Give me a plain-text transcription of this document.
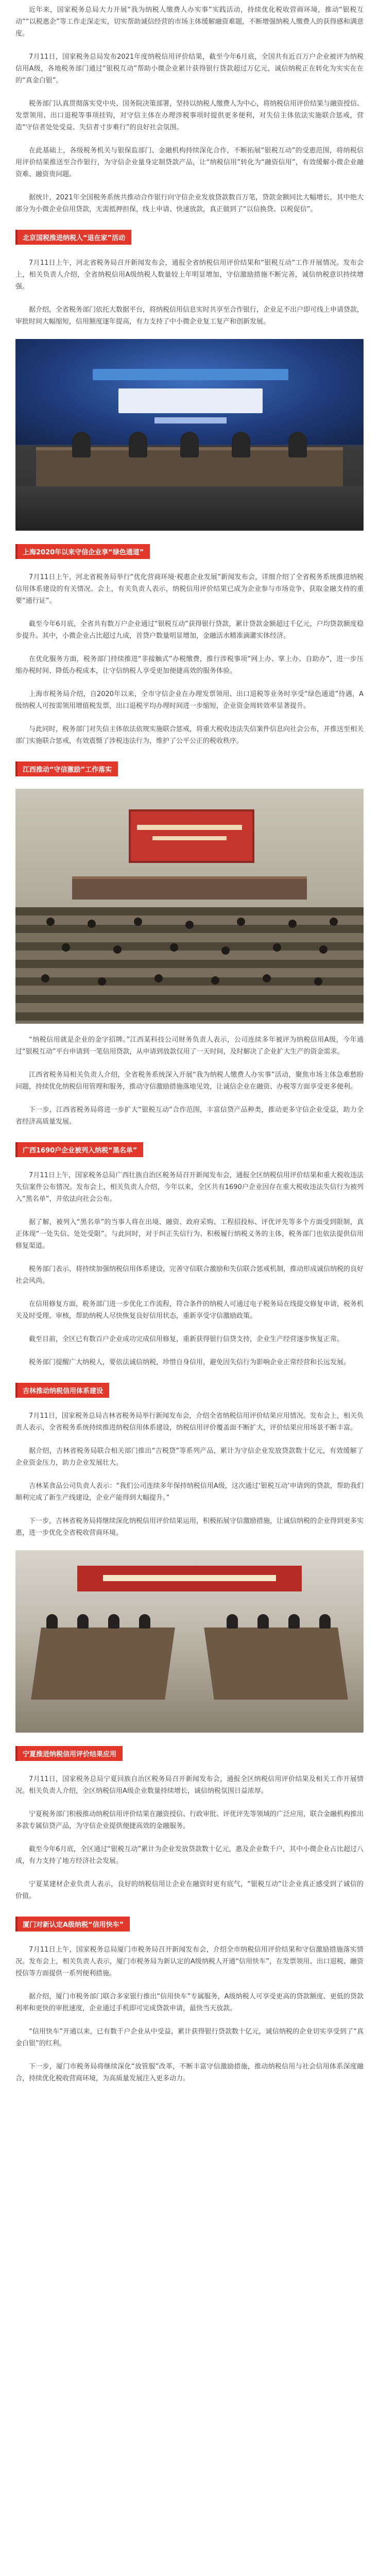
近年来，国家税务总局大力开展“我为纳税人缴费人办实事”实践活动，持续优化税收营商环境，推动“银税互动”“以税惠企”等工作走深走实，切实帮助诚信经营的市场主体缓解融资难题，不断增强纳税人缴费人的获得感和满意度。

7月11日，国家税务总局发布2021年度纳税信用评价结果，截至今年6月底，全国共有近百万户企业被评为纳税信用A级，各地税务部门通过“银税互动”帮助小微企业累计获得银行贷款超过万亿元，诚信纳税正在转化为实实在在的“真金白银”。

税务部门认真贯彻落实党中央、国务院决策部署，坚持以纳税人缴费人为中心，将纳税信用评价结果与融资授信、发票领用、出口退税等事项挂钩，对守信主体在办理涉税事项时提供更多便利，对失信主体依法实施联合惩戒，营造“守信者处处受益、失信者寸步难行”的良好社会氛围。

在此基础上，各级税务机关与银保监部门、金融机构持续深化合作，不断拓展“银税互动”的受惠范围，将纳税信用评价结果推送至合作银行，为守信企业量身定制贷款产品，让“纳税信用”转化为“融资信用”，有效缓解小微企业融资难、融资贵问题。

据统计，2021年全国税务系统共推动合作银行向守信企业发放贷款数百万笔，贷款金额同比大幅增长，其中绝大部分为小微企业信用贷款，无需抵押担保，线上申请、快速放款，真正做到了“以信换贷、以税促信”。

北京国税推进纳税人“退在家”活动

7月11日上午，河北省税务局召开新闻发布会，通报全省纳税信用评价结果和“银税互动”工作开展情况。发布会上，相关负责人介绍，全省纳税信用A级纳税人数量较上年明显增加，守信激励措施不断完善，诚信纳税意识持续增强。

据介绍，全省税务部门依托大数据平台，将纳税信用信息实时共享至合作银行，企业足不出户即可线上申请贷款，审批时间大幅缩短，信用额度逐年提高，有力支持了中小微企业复工复产和创新发展。

上海2020年以来守信企业享“绿色通道”

7月11日上午，河北省税务局举行“优化营商环境·税惠企业发展”新闻发布会，详细介绍了全省税务系统推进纳税信用体系建设的有关情况。会上，有关负责人表示，纳税信用评价结果已成为企业参与市场竞争、获取金融支持的重要“通行证”。

截至今年6月底，全省共有数万户企业通过“银税互动”获得银行贷款，累计贷款金额超过千亿元，户均贷款额度稳步提升。其中，小微企业占比超过九成，首贷户数量明显增加，金融活水精准滴灌实体经济。

在优化服务方面，税务部门持续推进“非接触式”办税缴费，推行涉税事项“网上办、掌上办、自助办”，进一步压缩办税时间、降低办税成本，让守信纳税人享受更加便捷高效的服务体验。

上海市税务局介绍，自2020年以来，全市守信企业在办理发票领用、出口退税等业务时享受“绿色通道”待遇，A级纳税人可按需领用增值税发票，出口退税平均办理时间进一步缩短，企业资金周转效率显著提升。

与此同时，税务部门对失信主体依法依规实施联合惩戒，将重大税收违法失信案件信息向社会公布，并推送至相关部门实施联合惩戒，有效震慑了涉税违法行为，维护了公平公正的税收秩序。

江西推动“守信激励”工作落实

“纳税信用就是企业的金字招牌。”江西某科技公司财务负责人表示，公司连续多年被评为纳税信用A级，今年通过“银税互动”平台申请到一笔信用贷款，从申请到放款仅用了一天时间，及时解决了企业扩大生产的资金需求。

江西省税务局相关负责人介绍，全省税务系统深入开展“我为纳税人缴费人办实事”活动，聚焦市场主体急难愁盼问题，持续优化纳税信用管理和服务，推动守信激励措施落地见效，让诚信企业在融资、办税等方面享受更多便利。

下一步，江西省税务局将进一步扩大“银税互动”合作范围，丰富信贷产品种类，推动更多守信企业受益，助力全省经济高质量发展。

广西1690户企业被列入纳税“黑名单”

7月11日上午，国家税务总局广西壮族自治区税务局召开新闻发布会，通报全区纳税信用评价结果和重大税收违法失信案件公布情况。发布会上，相关负责人介绍，今年以来，全区共有1690户企业因存在重大税收违法失信行为被列入“黑名单”，并依法向社会公布。

据了解，被列入“黑名单”的当事人将在出境、融资、政府采购、工程招投标、评优评先等多个方面受到限制，真正体现“一处失信、处处受限”。与此同时，对于纠正失信行为、积极履行纳税义务的主体，税务部门也依法提供信用修复渠道。

税务部门表示，将持续加强纳税信用体系建设，完善守信联合激励和失信联合惩戒机制，推动形成诚信纳税的良好社会风尚。

在信用修复方面，税务部门进一步优化工作流程，符合条件的纳税人可通过电子税务局在线提交修复申请，税务机关及时受理、审核，帮助纳税人尽快恢复良好信用状态，重新享受守信激励政策。

截至目前，全区已有数百户企业成功完成信用修复，重新获得银行信贷支持，企业生产经营逐步恢复正常。

税务部门提醒广大纳税人，要依法诚信纳税，珍惜自身信用，避免因失信行为影响企业正常经营和长远发展。

吉林推动纳税信用体系建设

7月11日，国家税务总局吉林省税务局举行新闻发布会，介绍全省纳税信用评价结果应用情况。发布会上，相关负责人表示，全省税务系统持续推进纳税信用体系建设，纳税信用评价覆盖面不断扩大，评价结果应用场景不断丰富。

据介绍，吉林省税务局联合相关部门推出“吉税贷”等系列产品，累计为守信企业发放贷款数十亿元，有效缓解了企业资金压力，助力企业发展壮大。

吉林某食品公司负责人表示：“我们公司连续多年保持纳税信用A级，这次通过‘银税互动’申请到的贷款，帮助我们顺利完成了新生产线建设，企业产能得到大幅提升。”

下一步，吉林省税务局将继续深化纳税信用评价结果运用，积极拓展守信激励措施，让诚信纳税的企业得到更多实惠，进一步优化全省税收营商环境。

宁夏推进纳税信用评价结果应用

7月11日，国家税务总局宁夏回族自治区税务局召开新闻发布会，通报全区纳税信用评价结果及相关工作开展情况。相关负责人介绍，全区纳税信用A级企业数量持续增长，诚信纳税氛围日益浓厚。

宁夏税务部门积极推动纳税信用评价结果在融资授信、行政审批、评优评先等领域的广泛应用，联合金融机构推出多款专属信贷产品，为守信企业提供便捷高效的金融服务。

截至今年6月底，全区通过“银税互动”累计为企业发放贷款数十亿元，惠及企业数千户，其中小微企业占比超过八成，有力支持了地方经济社会发展。

宁夏某建材企业负责人表示，良好的纳税信用让企业在融资时更有底气，“银税互动”让企业真正感受到了诚信的价值。

厦门对新认定A级纳税“信用快车”

7月11日上午，国家税务总局厦门市税务局召开新闻发布会，介绍全市纳税信用评价结果和守信激励措施落实情况。发布会上，相关负责人表示，厦门市税务局为新认定的A级纳税人开通“信用快车”，在发票领用、出口退税、融资授信等方面提供一系列便利措施。

据介绍，厦门市税务部门联合多家银行推出“信用快车”专属服务，A级纳税人可享受更高的贷款额度、更低的贷款利率和更快的审批速度，企业通过手机即可完成贷款申请，最快当天放款。

“信用快车”开通以来，已有数千户企业从中受益，累计获得银行贷款数十亿元，诚信纳税的企业切实享受到了“真金白银”的红利。

下一步，厦门市税务局将继续深化“放管服”改革，不断丰富守信激励措施，推动纳税信用与社会信用体系深度融合，持续优化税收营商环境，为高质量发展注入更多动力。
